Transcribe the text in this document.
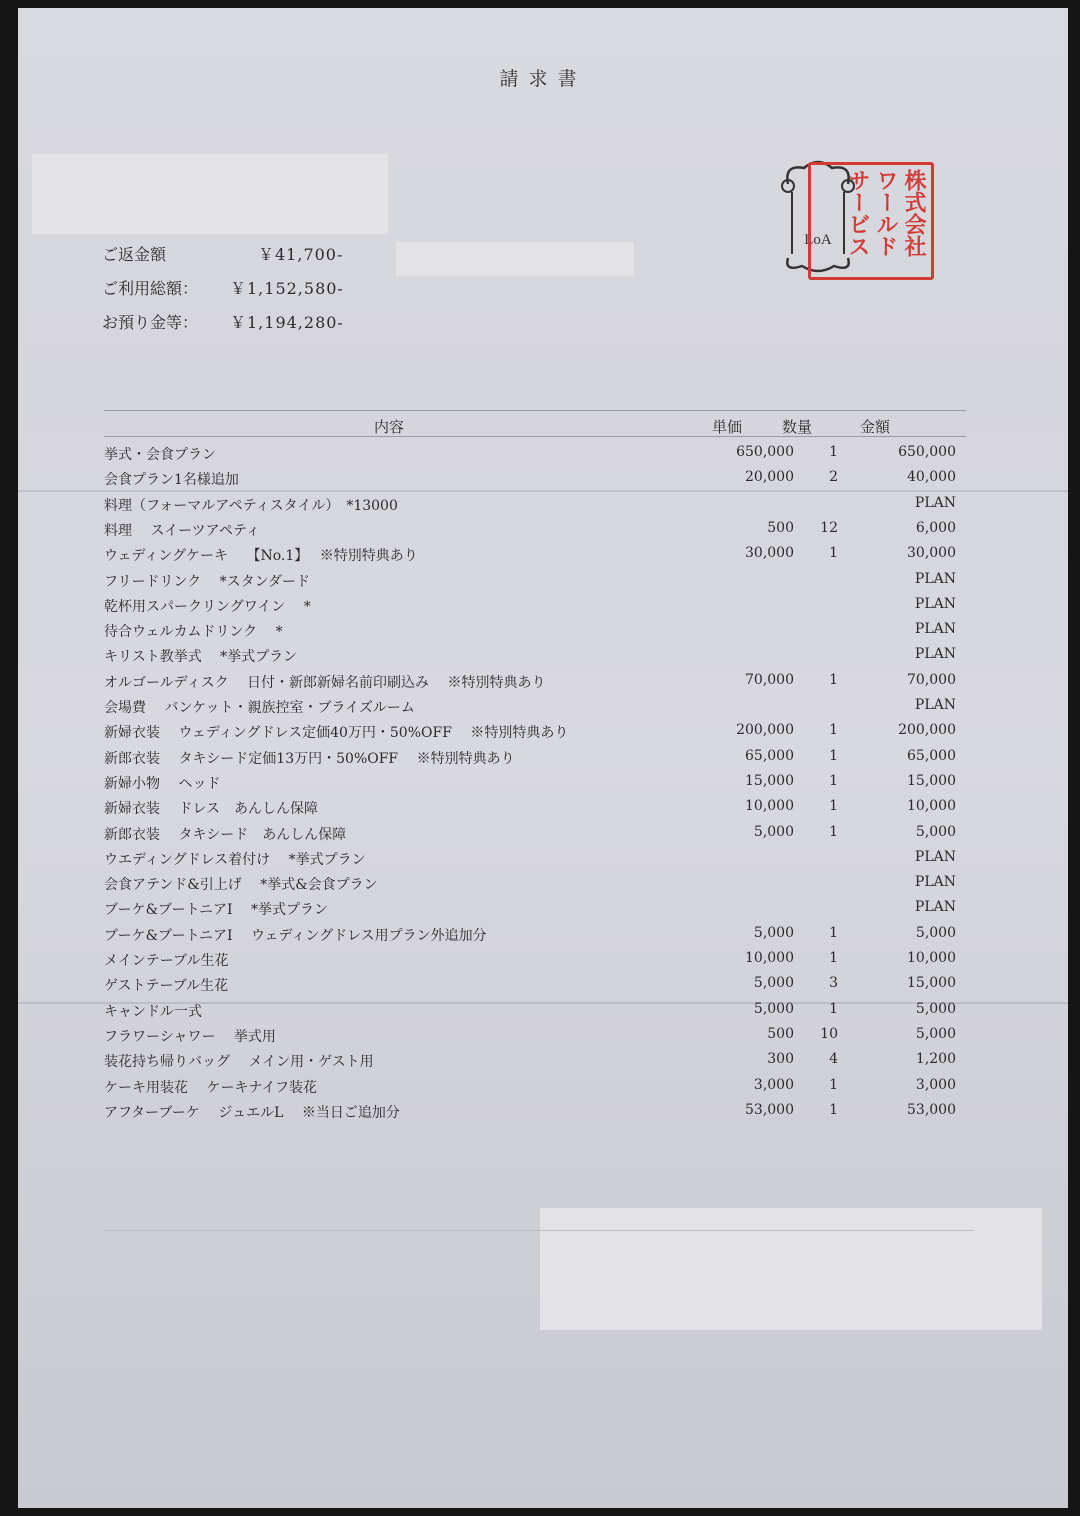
請求書
ご返金額	￥41,700-
ご利用総額： ￥1,152,580-
お預り金等： ￥1,194,280-
LoA	株式会社
ワールド
サービス
内容	単価	数量	金額
挙式・会食プラン	650,000	1	650,000
会食プラン1名様追加	20,000	2	40,000
料理（フォーマルアペティスタイル）　*13000	PLAN
料理　 スイーツアペティ	500	12	6,000
ウェディングケーキ　 【No.1】　 ※特別特典あり	30,000	1	30,000
フリードリンク　 *スタンダード	PLAN
乾杯用スパークリングワイン　 *	PLAN
待合ウェルカムドリンク　 *	PLAN
キリスト教挙式　 *挙式プラン	PLAN
オルゴールディスク　 日付・新郎新婦名前印刷込み　 ※特別特典あり	70,000	1	70,000
会場費　 バンケット・親族控室・ブライズルーム	PLAN
新婦衣装　 ウェディングドレス定価40万円・50%OFF　 ※特別特典あり	200,000	1	200,000
新郎衣装　 タキシード定価13万円・50%OFF　 ※特別特典あり	65,000	1	65,000
新婦小物　 ヘッド	15,000	1	15,000
新婦衣装　 ドレス　あんしん保障	10,000	1	10,000
新郎衣装　 タキシード　あんしん保障	5,000	1	5,000
ウエディングドレス着付け　 *挙式プラン	PLAN
会食アテンド&引上げ　 *挙式&会食プラン	PLAN
ブーケ&ブートニアⅠ　 *挙式プラン	PLAN
ブーケ&ブートニアⅠ　 ウェディングドレス用プラン外追加分	5,000	1	5,000
メインテーブル生花	10,000	1	10,000
ゲストテーブル生花	5,000	3	15,000
キャンドル一式	5,000	1	5,000
フラワーシャワー　 挙式用	500	10	5,000
装花持ち帰りバッグ　 メイン用・ゲスト用	300	4	1,200
ケーキ用装花　 ケーキナイフ装花	3,000	1	3,000
アフターブーケ　 ジュエルL　 ※当日ご追加分	53,000	1	53,000
